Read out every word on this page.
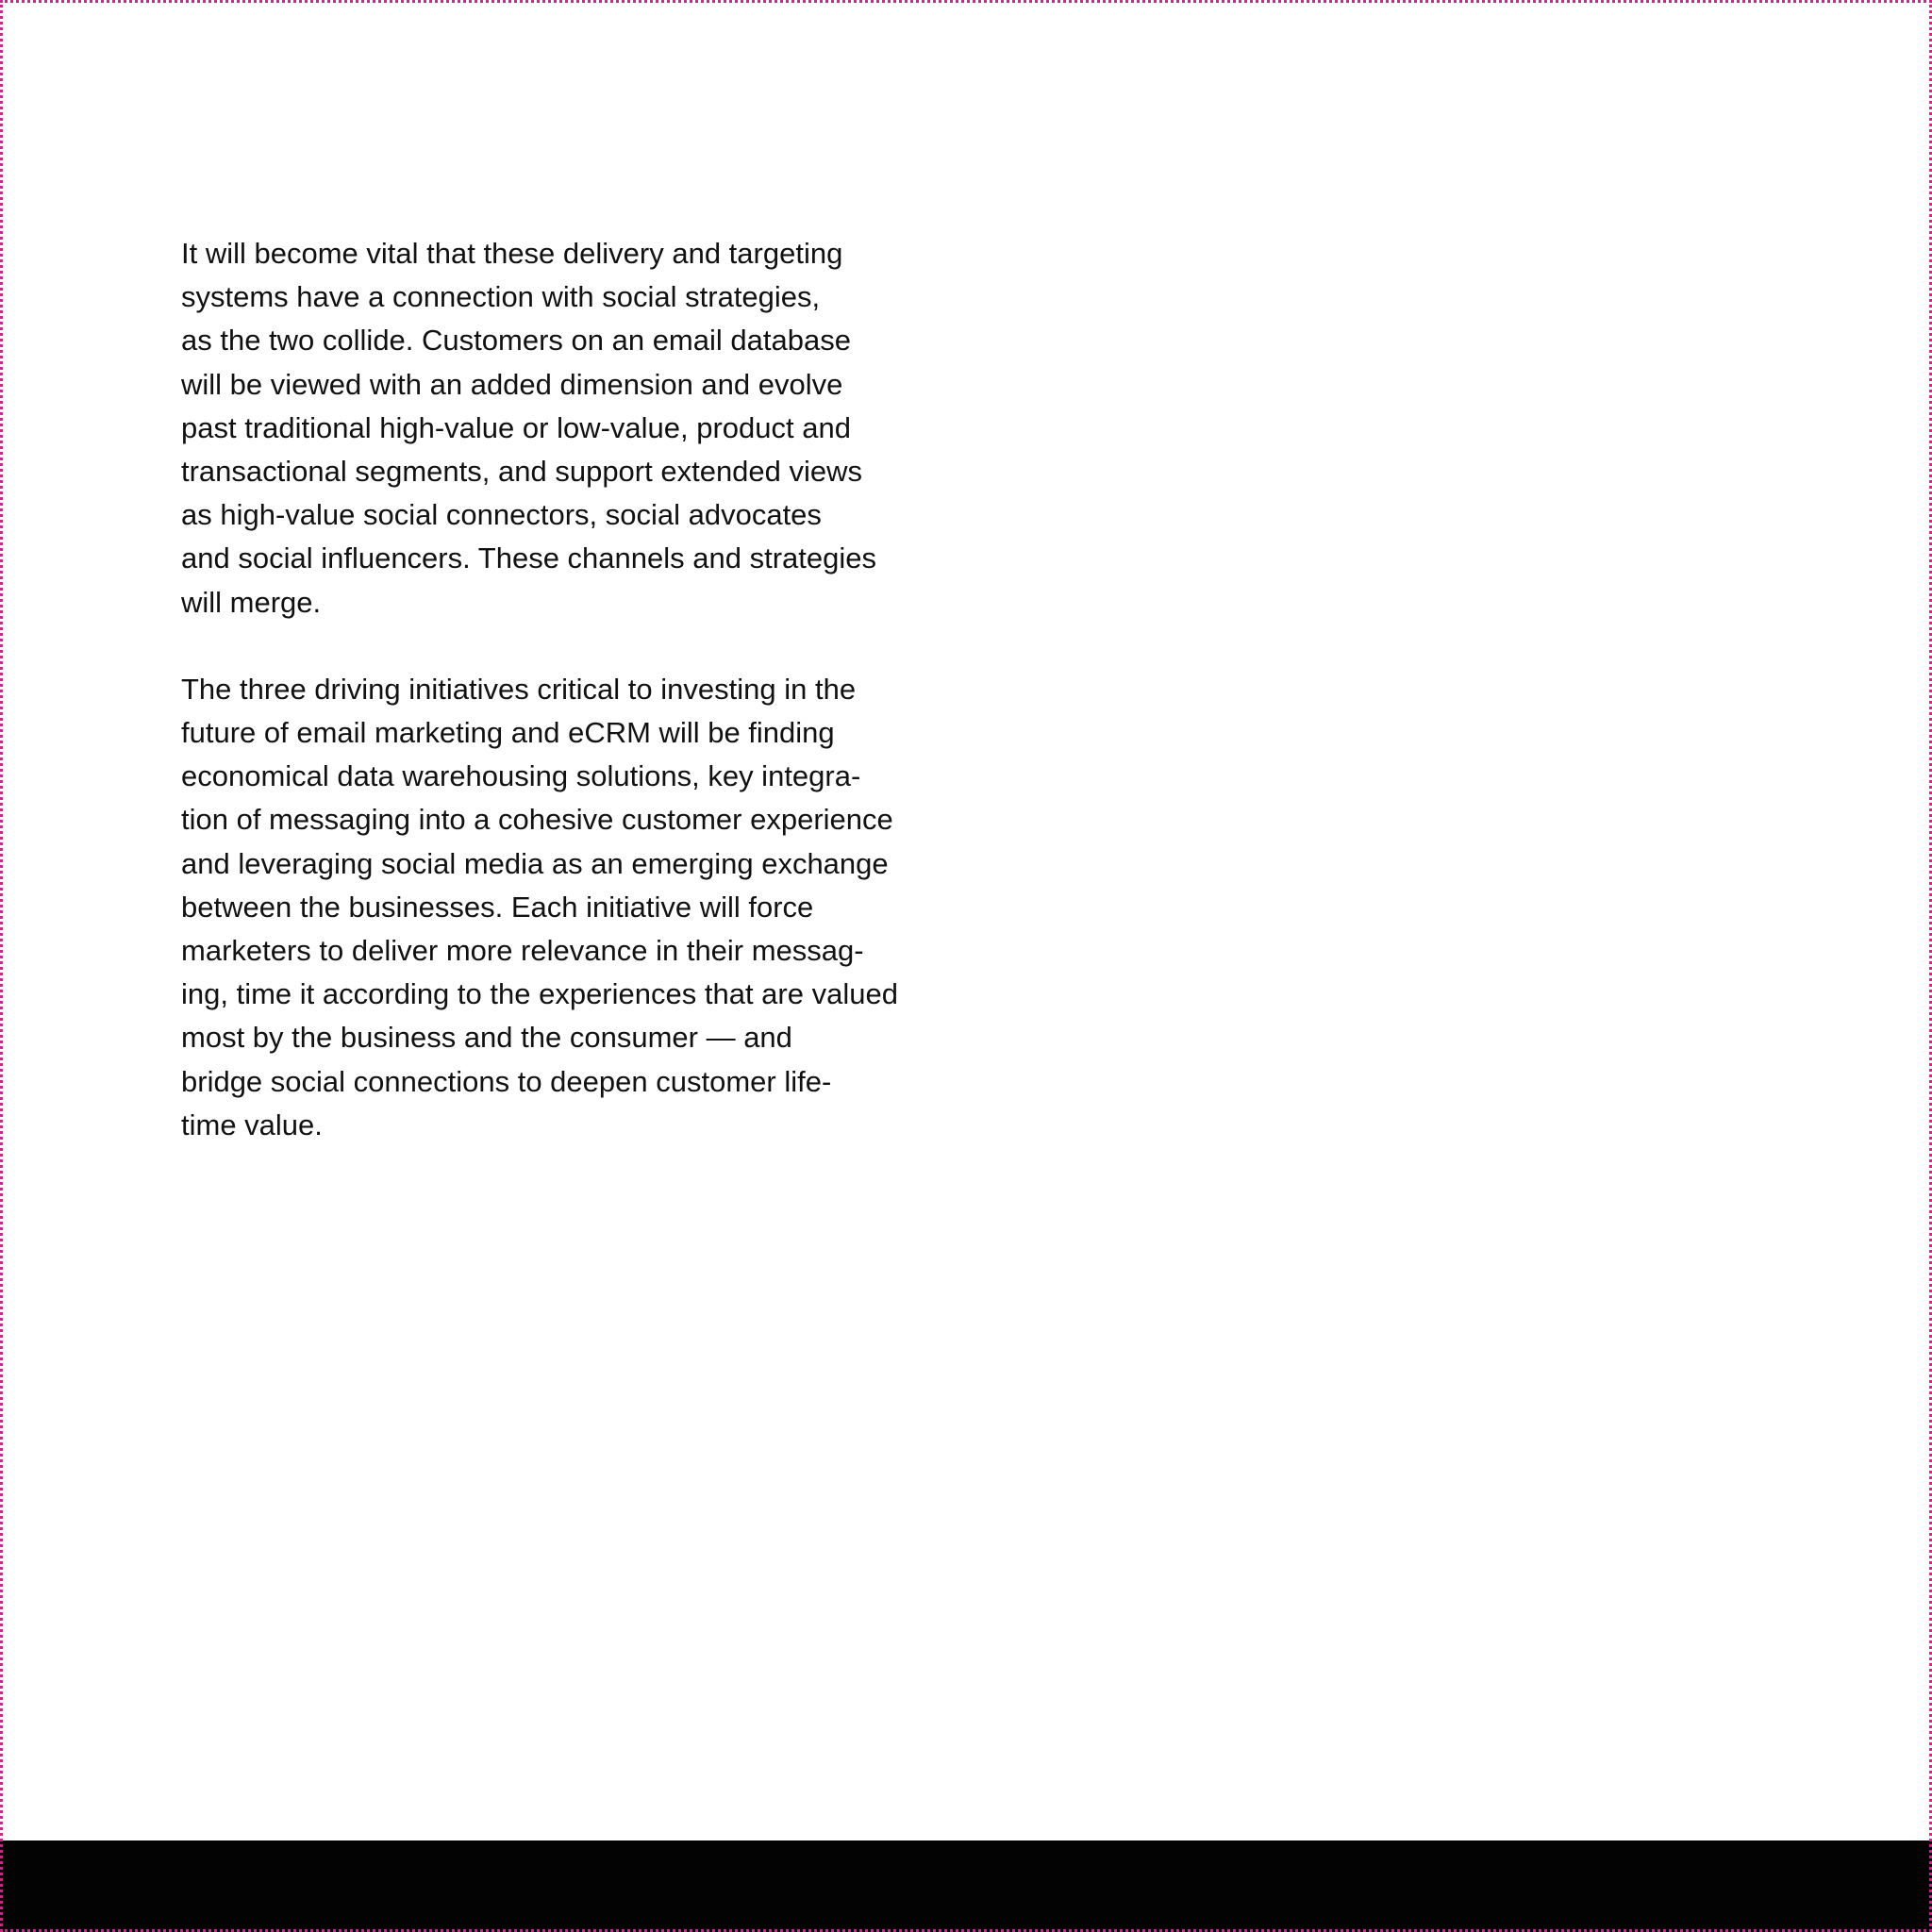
It will become vital that these delivery and targeting
systems have a connection with social strategies,
as the two collide. Customers on an email database
will be viewed with an added dimension and evolve
past traditional high-value or low-value, product and
transactional segments, and support extended views
as high-value social connectors, social advocates
and social influencers. These channels and strategies
will merge.

The three driving initiatives critical to investing in the
future of email marketing and eCRM will be finding
economical data warehousing solutions, key integra-
tion of messaging into a cohesive customer experience
and leveraging social media as an emerging exchange
between the businesses. Each initiative will force
marketers to deliver more relevance in their messag-
ing, time it according to the experiences that are valued
most by the business and the consumer — and
bridge social connections to deepen customer life-
time value.
